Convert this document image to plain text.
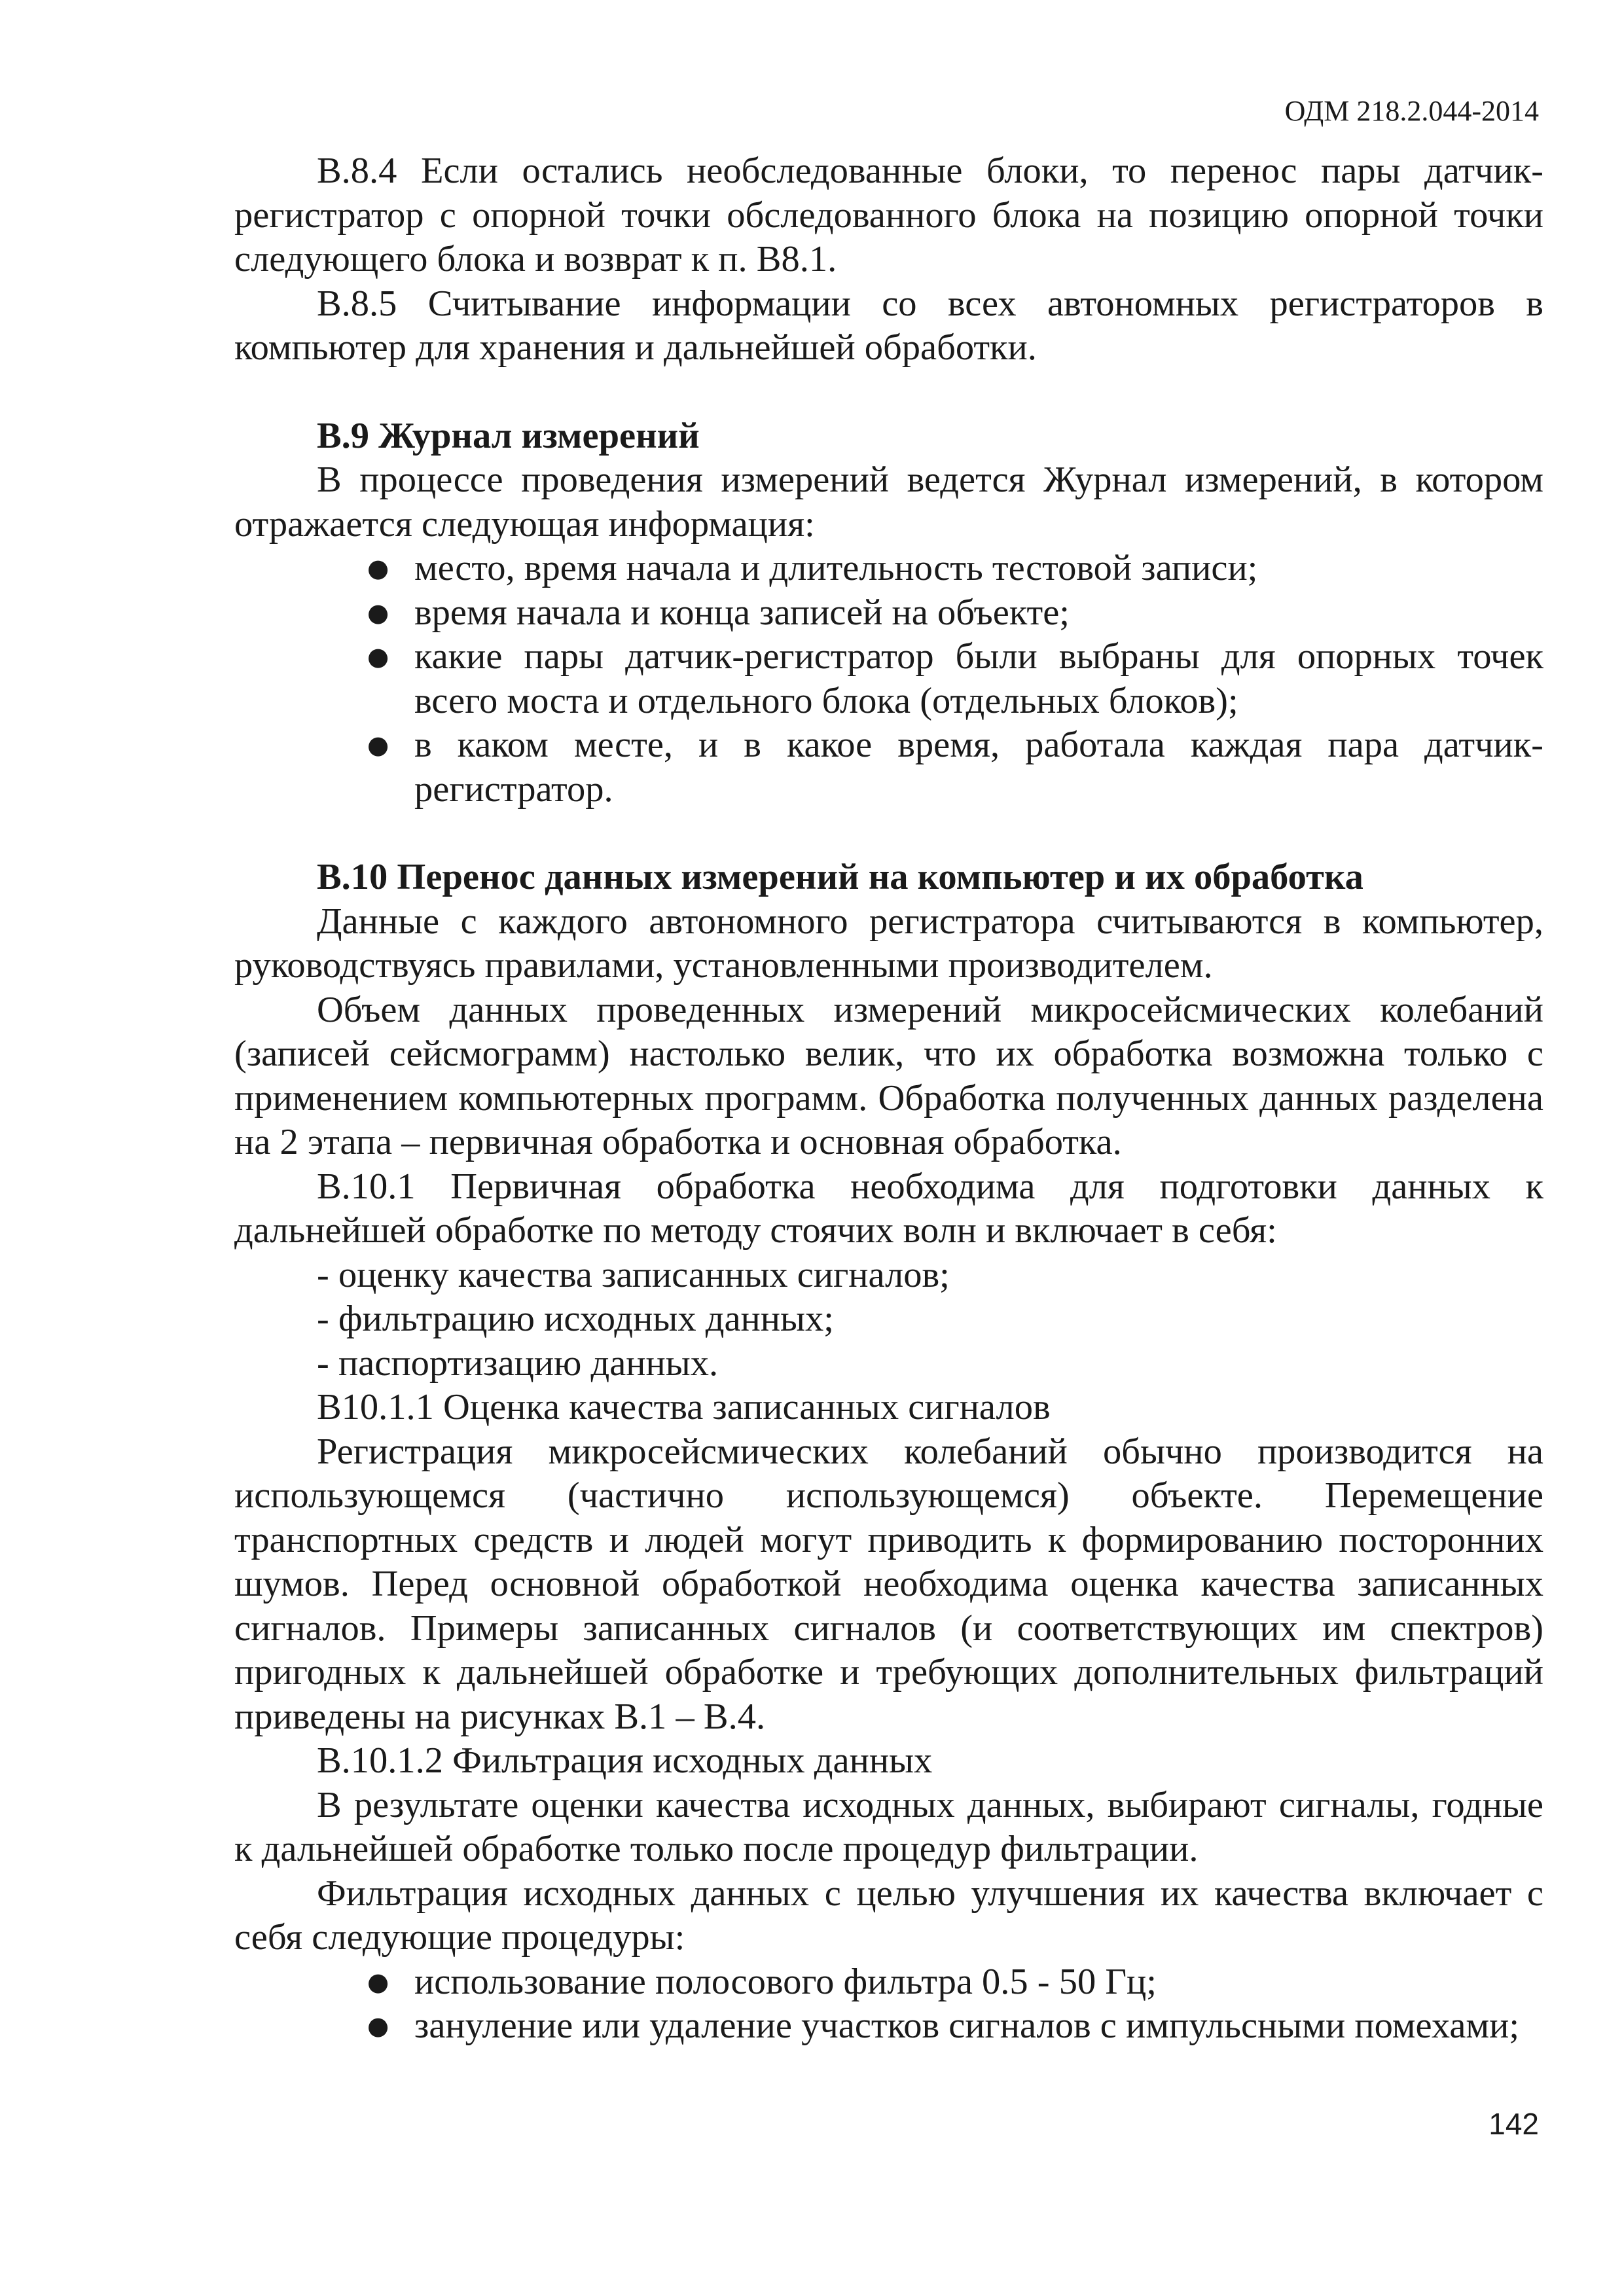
ОДМ 218.2.044-2014

В.8.4 Если остались необследованные блоки, то перенос пары датчик-регистратор с опорной точки обследованного блока на позицию опорной точки следующего блока и возврат к п. В8.1.

В.8.5 Считывание информации со всех автономных регистраторов в компьютер для хранения и дальнейшей обработки.

В.9 Журнал измерений

В процессе проведения измерений ведется Журнал измерений, в котором отражается следующая информация:

● место, время начала и длительность тестовой записи;
● время начала и конца записей на объекте;
● какие пары датчик-регистратор были выбраны для опорных точек всего моста и отдельного блока (отдельных блоков);
● в каком месте, и в какое время, работала каждая пара датчик-регистратор.

В.10 Перенос данных измерений на компьютер и их обработка

Данные с каждого автономного регистратора считываются в компьютер, руководствуясь правилами, установленными производителем.

Объем данных проведенных измерений микросейсмических колебаний (записей сейсмограмм) настолько велик, что их обработка возможна только с применением компьютерных программ. Обработка полученных данных разделена на 2 этапа – первичная обработка и основная обработка.

В.10.1 Первичная обработка необходима для подготовки данных к дальнейшей обработке по методу стоячих волн и включает в себя:

- оценку качества записанных сигналов;

- фильтрацию исходных данных;

- паспортизацию данных.

В10.1.1 Оценка качества записанных сигналов

Регистрация микросейсмических колебаний обычно производится на использующемся (частично использующемся) объекте. Перемещение транспортных средств и людей могут приводить к формированию посторонних шумов. Перед основной обработкой необходима оценка качества записанных сигналов. Примеры записанных сигналов (и соответствующих им спектров) пригодных к дальнейшей обработке и требующих дополнительных фильтраций приведены на рисунках В.1 – В.4.

В.10.1.2 Фильтрация исходных данных

В результате оценки качества исходных данных, выбирают сигналы, годные к дальнейшей обработке только после процедур фильтрации.

Фильтрация исходных данных с целью улучшения их качества включает с себя следующие процедуры:

● использование полосового фильтра 0.5 - 50 Гц;
● зануление или удаление участков сигналов с импульсными помехами;
142
